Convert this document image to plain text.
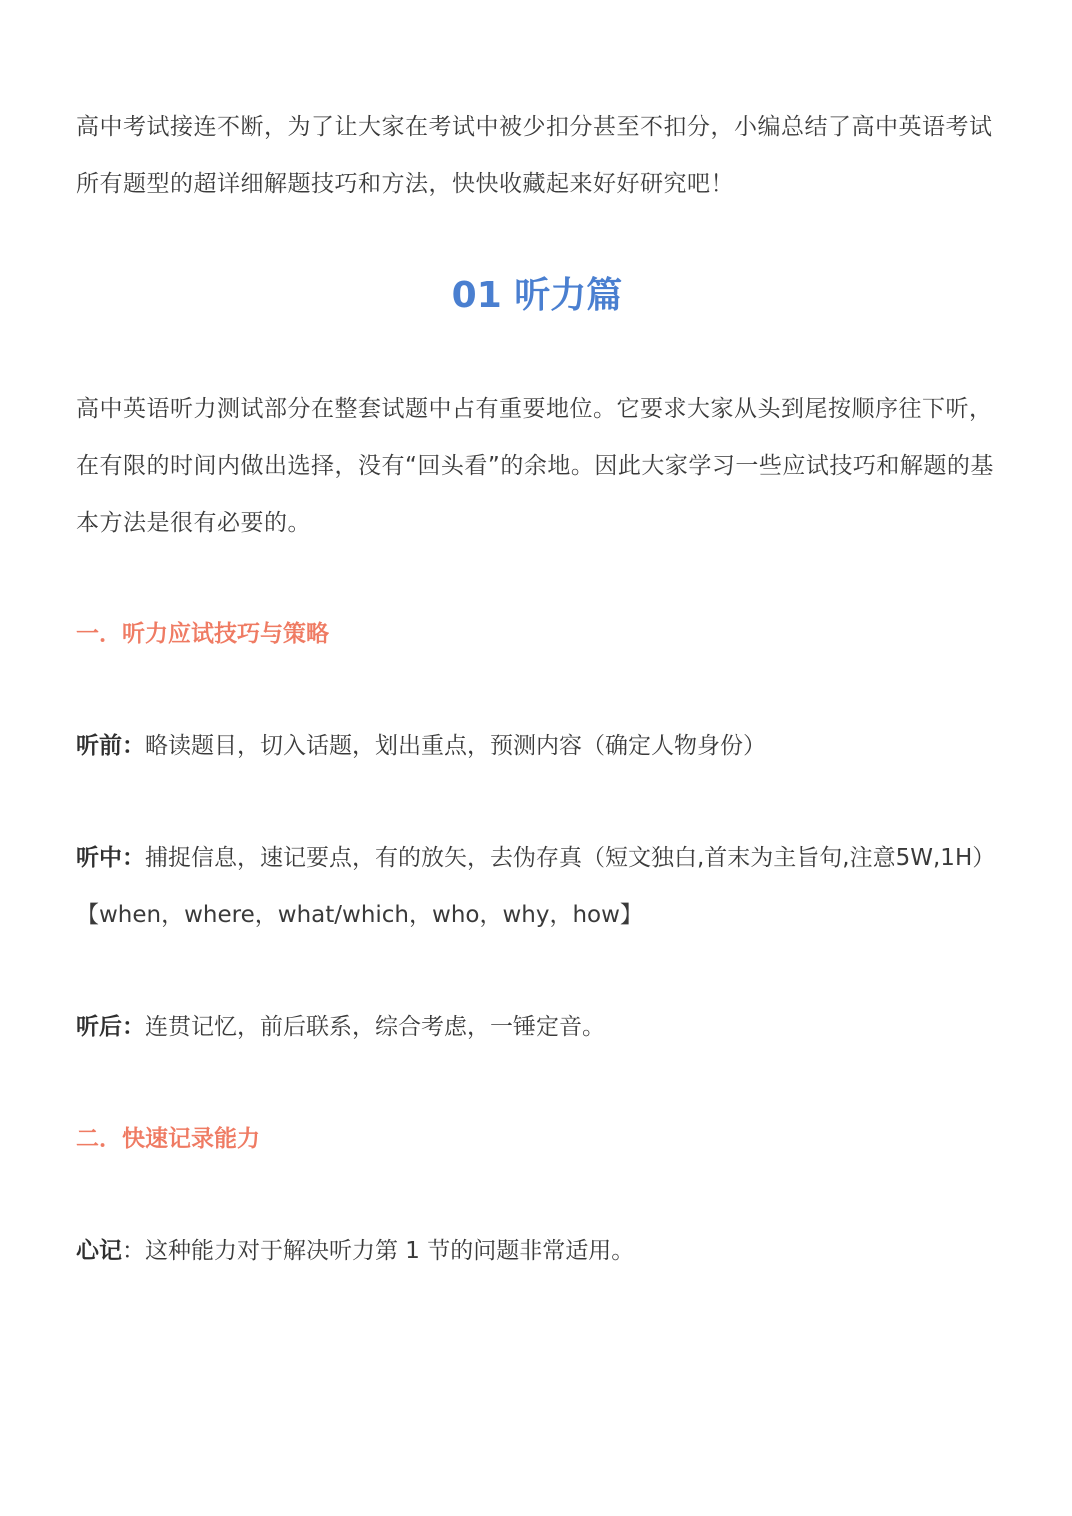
高中考试接连不断，为了让大家在考试中被少扣分甚至不扣分，小编总结了高中英语考试所有题型的超详细解题技巧和方法，快快收藏起来好好研究吧！

01 听力篇

高中英语听力测试部分在整套试题中占有重要地位。它要求大家从头到尾按顺序往下听，在有限的时间内做出选择，没有“回头看”的余地。因此大家学习一些应试技巧和解题的基本方法是很有必要的。

一．听力应试技巧与策略

听前：略读题目，切入话题，划出重点，预测内容（确定人物身份）

听中：捕捉信息，速记要点，有的放矢，去伪存真（短文独白,首末为主旨句,注意5W,1H）【when，where，what/which，who，why，how】

听后：连贯记忆，前后联系，综合考虑，一锤定音。

二．快速记录能力

心记：这种能力对于解决听力第 1 节的问题非常适用。
